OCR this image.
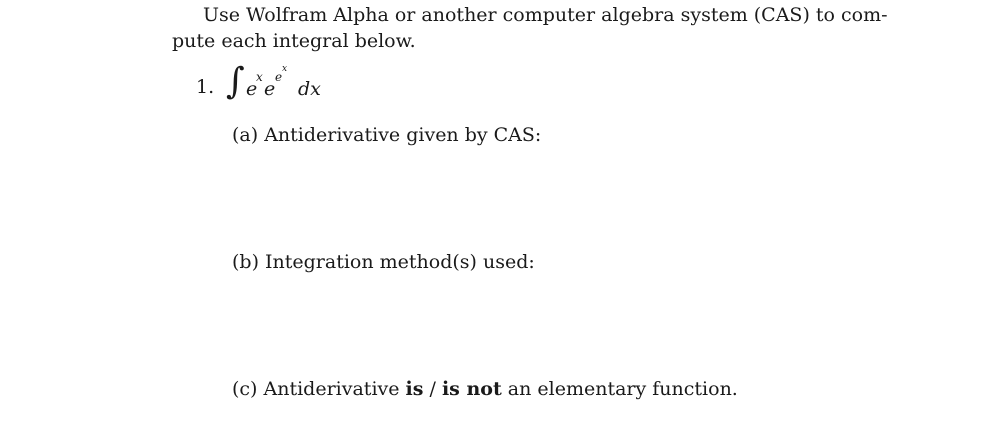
Use Wolfram Alpha or another computer algebra system (CAS) to com-
pute each integral below.

1. ∫ e
x
e
e
x
dx
(a) Antiderivative given by CAS:
(b) Integration method(s) used:
(c) Antiderivative is / is not an elementary function.
